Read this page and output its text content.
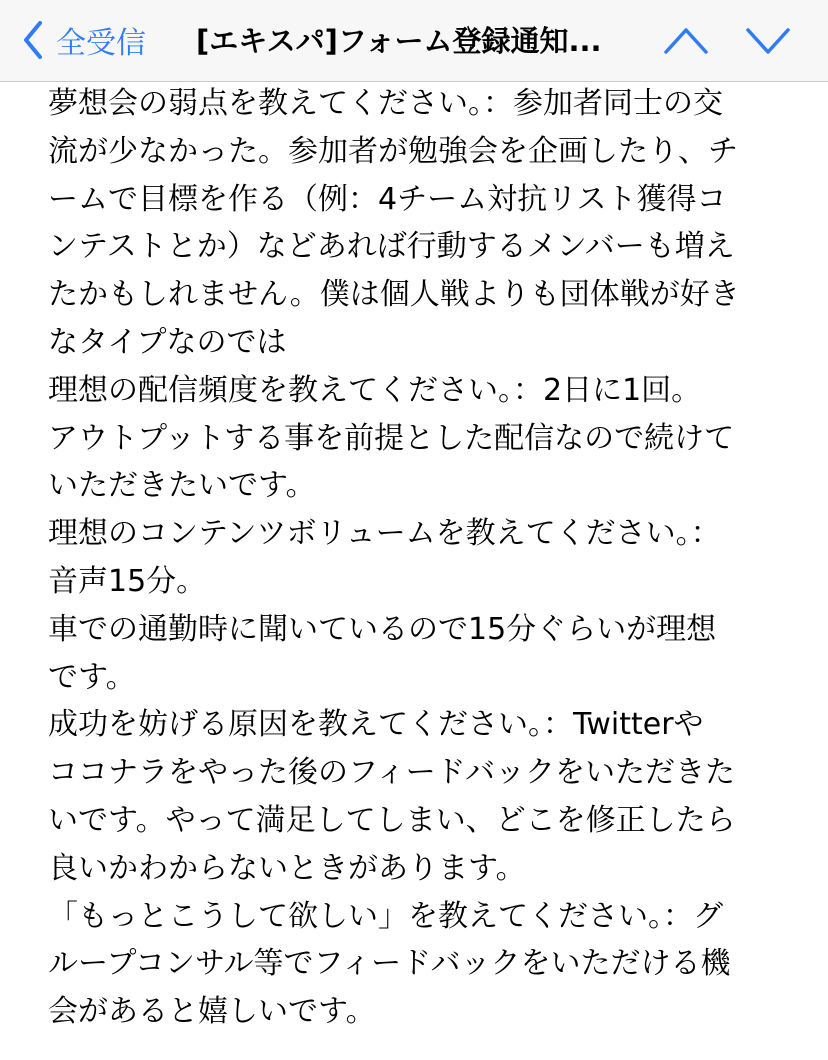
全受信 [エキスパ]フォーム登録通知...
夢想会の弱点を教えてください。：参加者同士の交
流が少なかった。参加者が勉強会を企画したり、チ
ームで目標を作る（例：4チーム対抗リスト獲得コ
ンテストとか）などあれば行動するメンバーも増え
たかもしれません。僕は個人戦よりも団体戦が好き
なタイプなのでは
理想の配信頻度を教えてください。：2日に1回。
アウトプットする事を前提とした配信なので続けて
いただきたいです。
理想のコンテンツボリュームを教えてください。：
音声15分。
車での通勤時に聞いているので15分ぐらいが理想
です。
成功を妨げる原因を教えてください。：Twitterや
ココナラをやった後のフィードバックをいただきた
いです。やって満足してしまい、どこを修正したら
良いかわからないときがあります。
「もっとこうして欲しい」を教えてください。：グ
ループコンサル等でフィードバックをいただける機
会があると嬉しいです。
